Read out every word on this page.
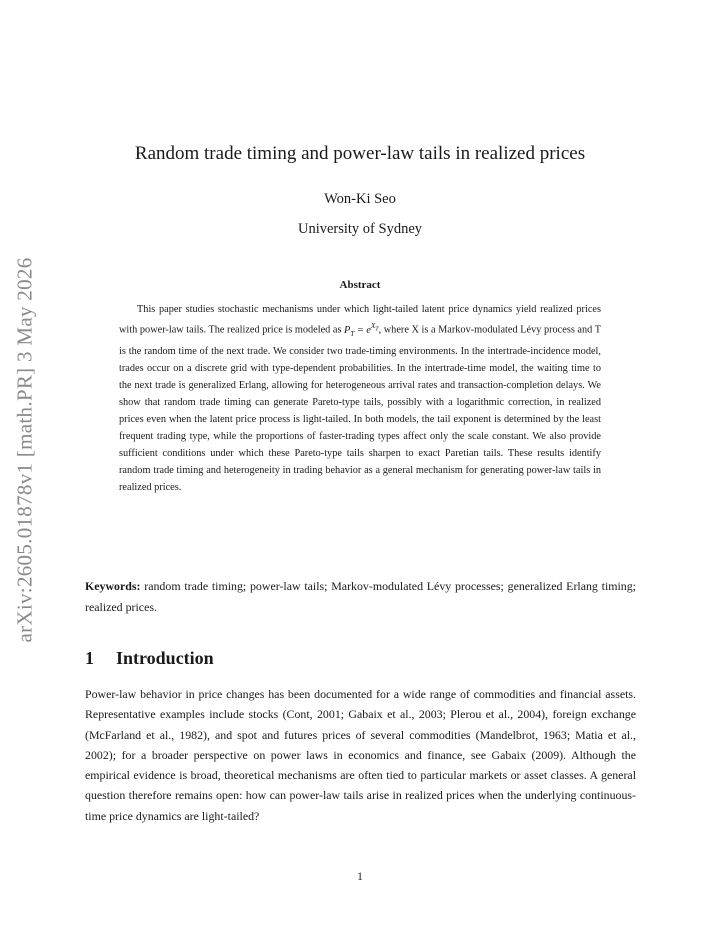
arXiv:2605.01878v1 [math.PR] 3 May 2026
Random trade timing and power-law tails in realized prices
Won-Ki Seo
University of Sydney
Abstract
This paper studies stochastic mechanisms under which light-tailed latent price dynamics yield realized prices with power-law tails. The realized price is modeled as $P_T = e^{X_T}$, where X is a Markov-modulated Lévy process and T is the random time of the next trade. We consider two trade-timing environments. In the intertrade-incidence model, trades occur on a discrete grid with type-dependent probabilities. In the intertrade-time model, the waiting time to the next trade is generalized Erlang, allowing for heterogeneous arrival rates and transaction-completion delays. We show that random trade timing can generate Pareto-type tails, possibly with a logarithmic correction, in realized prices even when the latent price process is light-tailed. In both models, the tail exponent is determined by the least frequent trading type, while the proportions of faster-trading types affect only the scale constant. We also provide sufficient conditions under which these Pareto-type tails sharpen to exact Paretian tails. These results identify random trade timing and heterogeneity in trading behavior as a general mechanism for generating power-law tails in realized prices.
Keywords: random trade timing; power-law tails; Markov-modulated Lévy processes; generalized Erlang timing; realized prices.
1 Introduction
Power-law behavior in price changes has been documented for a wide range of commodities and financial assets. Representative examples include stocks (Cont, 2001; Gabaix et al., 2003; Plerou et al., 2004), foreign exchange (McFarland et al., 1982), and spot and futures prices of several commodities (Mandelbrot, 1963; Matia et al., 2002); for a broader perspective on power laws in economics and finance, see Gabaix (2009). Although the empirical evidence is broad, theoretical mechanisms are often tied to particular markets or asset classes. A general question therefore remains open: how can power-law tails arise in realized prices when the underlying continuous-time price dynamics are light-tailed?
1
